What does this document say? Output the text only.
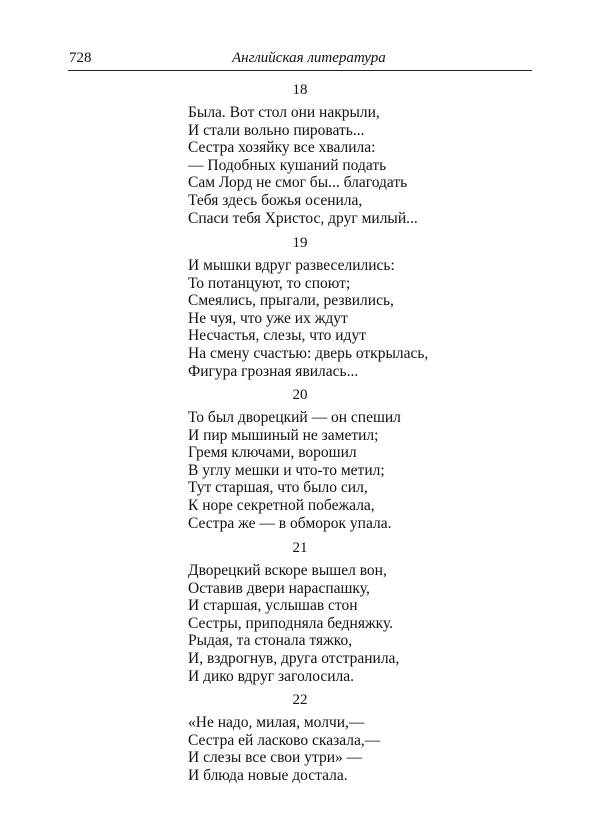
728	Английская литература
18
Была. Вот стол они накрыли,
И стали вольно пировать...
Сестра хозяйку все хвалила:
— Подобных кушаний подать
Сам Лорд не смог бы... благодать
Тебя здесь божья осенила,
Спаси тебя Христос, друг милый...
19
И мышки вдруг развеселились:
То потанцуют, то споют;
Смеялись, прыгали, резвились,
Не чуя, что уже их ждут
Несчастья, слезы, что идут
На смену счастью: дверь открылась,
Фигура грозная явилась...
20
То был дворецкий — он спешил
И пир мышиный не заметил;
Гремя ключами, ворошил
В углу мешки и что-то метил;
Тут старшая, что было сил,
К норе секретной побежала,
Сестра же — в обморок упала.
21
Дворецкий вскоре вышел вон,
Оставив двери нараспашку,
И старшая, услышав стон
Сестры, приподняла бедняжку.
Рыдая, та стонала тяжко,
И, вздрогнув, друга отстранила,
И дико вдруг заголосила.
22
«Не надо, милая, молчи,—
Сестра ей ласково сказала,—
И слезы все свои утри» —
И блюда новые достала.
